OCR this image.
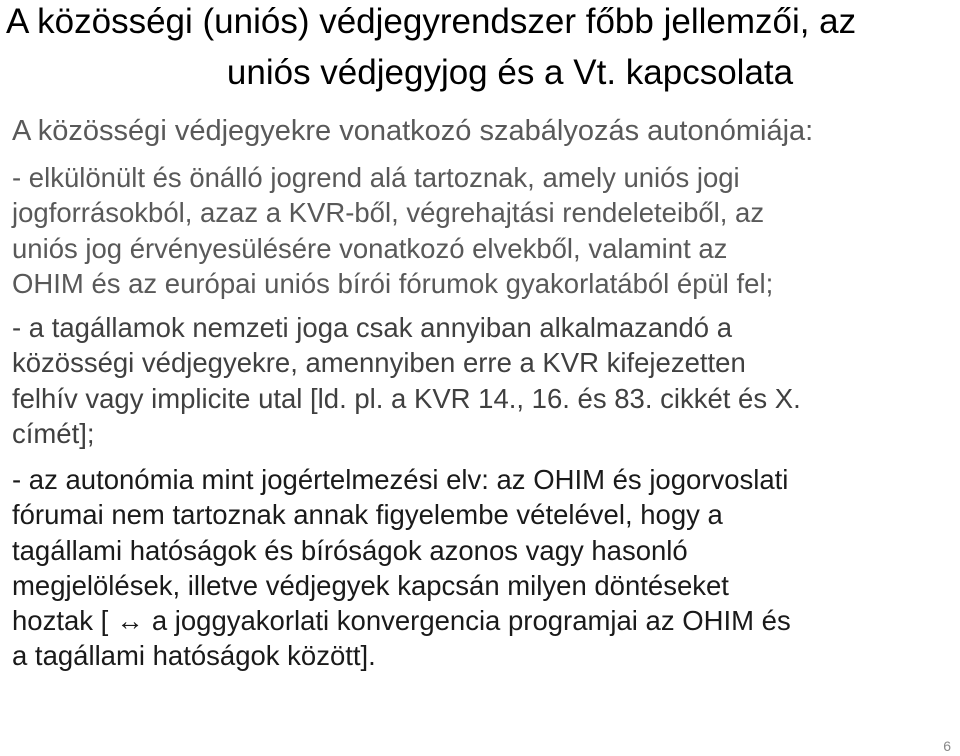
A közösségi (uniós) védjegyrendszer főbb jellemzői, az
uniós védjegyjog és a Vt. kapcsolata
A közösségi védjegyekre vonatkozó szabályozás autonómiája:
- elkülönült és önálló jogrend alá tartoznak, amely uniós jogi
jogforrásokból, azaz a KVR-ből, végrehajtási rendeleteiből, az
uniós jog érvényesülésére vonatkozó elvekből, valamint az
OHIM és az európai uniós bírói fórumok gyakorlatából épül fel;
- a tagállamok nemzeti joga csak annyiban alkalmazandó a
közösségi védjegyekre, amennyiben erre a KVR kifejezetten
felhív vagy implicite utal [ld. pl. a KVR 14., 16. és 83. cikkét és X.
címét];
- az autonómia mint jogértelmezési elv: az OHIM és jogorvoslati
fórumai nem tartoznak annak figyelembe vételével, hogy a
tagállami hatóságok és bíróságok azonos vagy hasonló
megjelölések, illetve védjegyek kapcsán milyen döntéseket
hoztak [ ↔ a joggyakorlati konvergencia programjai az OHIM és
a tagállami hatóságok között].
6
